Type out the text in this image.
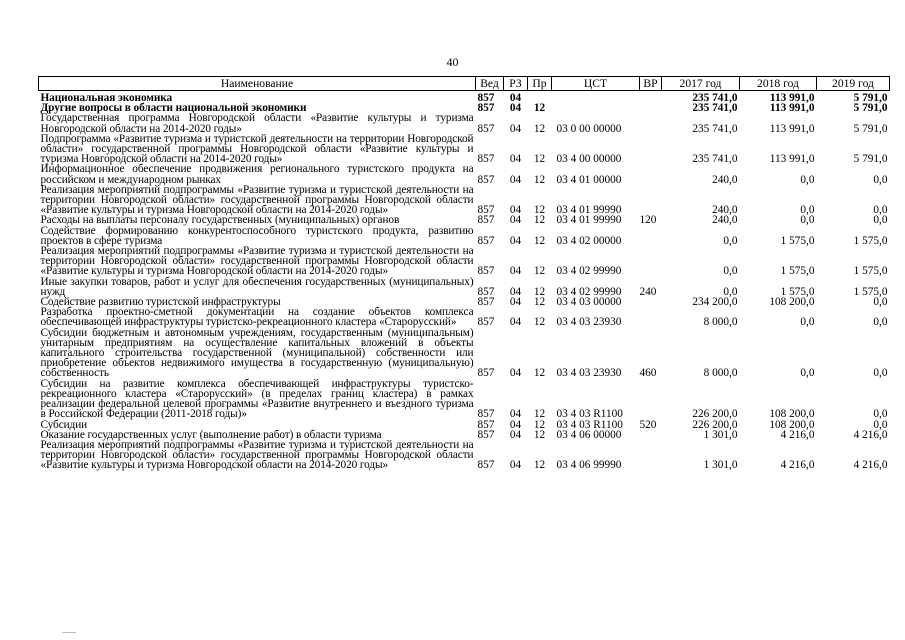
40
Наименование	Вед	РЗ	Пр	ЦСТ	ВР	2017 год	2018 год	2019 год
Национальная экономика	857	04				235 741,0	113 991,0	5 791,0
Другие вопросы в области национальной экономики	857	04	12			235 741,0	113 991,0	5 791,0
Государственная программа Новгородской области «Развитие культуры и туризма Новгородской области на 2014-2020 годы»	857	04	12	03 0 00 00000		235 741,0	113 991,0	5 791,0
Подпрограмма «Развитие туризма и туристской деятельности на территории Новгородской области» государственной программы Новгородской области «Развитие культуры и туризма Новгородской области на 2014-2020 годы»	857	04	12	03 4 00 00000		235 741,0	113 991,0	5 791,0
Информационное обеспечение продвижения регионального туристского продукта на российском и международном рынках	857	04	12	03 4 01 00000		240,0	0,0	0,0
Реализация мероприятий подпрограммы «Развитие туризма и туристской деятельности на территории Новгородской области» государственной программы Новгородской области «Развитие культуры и туризма Новгородской области на 2014-2020 годы»	857	04	12	03 4 01 99990		240,0	0,0	0,0
Расходы на выплаты персоналу государственных (муниципальных) органов	857	04	12	03 4 01 99990	120	240,0	0,0	0,0
Содействие формированию конкурентоспособного туристского продукта, развитию проектов в сфере туризма	857	04	12	03 4 02 00000		0,0	1 575,0	1 575,0
Реализация мероприятий подпрограммы «Развитие туризма и туристской деятельности на территории Новгородской области» государственной программы Новгородской области «Развитие культуры и туризма Новгородской области на 2014-2020 годы»	857	04	12	03 4 02 99990		0,0	1 575,0	1 575,0
Иные закупки товаров, работ и услуг для обеспечения государственных (муниципальных) нужд	857	04	12	03 4 02 99990	240	0,0	1 575,0	1 575,0
Содействие развитию туристской инфраструктуры	857	04	12	03 4 03 00000		234 200,0	108 200,0	0,0
Разработка проектно-сметной документации на создание объектов комплекса обеспечивающей инфраструктуры туристско-рекреационного кластера «Старорусский»	857	04	12	03 4 03 23930		8 000,0	0,0	0,0
Субсидии бюджетным и автономным учреждениям, государственным (муниципальным) унитарным предприятиям на осуществление капитальных вложений в объекты капитального строительства государственной (муниципальной) собственности или приобретение объектов недвижимого имущества в государственную (муниципальную) собственность	857	04	12	03 4 03 23930	460	8 000,0	0,0	0,0
Субсидии на развитие комплекса обеспечивающей инфраструктуры туристско-рекреационного кластера «Старорусский» (в пределах границ кластера) в рамках реализации федеральной целевой программы «Развитие внутреннего и въездного туризма в Российской Федерации (2011-2018 годы)»	857	04	12	03 4 03 R1100		226 200,0	108 200,0	0,0
Субсидии	857	04	12	03 4 03 R1100	520	226 200,0	108 200,0	0,0
Оказание государственных услуг (выполнение работ) в области туризма	857	04	12	03 4 06 00000		1 301,0	4 216,0	4 216,0
Реализация мероприятий подпрограммы «Развитие туризма и туристской деятельности на территории Новгородской области» государственной программы Новгородской области «Развитие культуры и туризма Новгородской области на 2014-2020 годы»	857	04	12	03 4 06 99990		1 301,0	4 216,0	4 216,0
